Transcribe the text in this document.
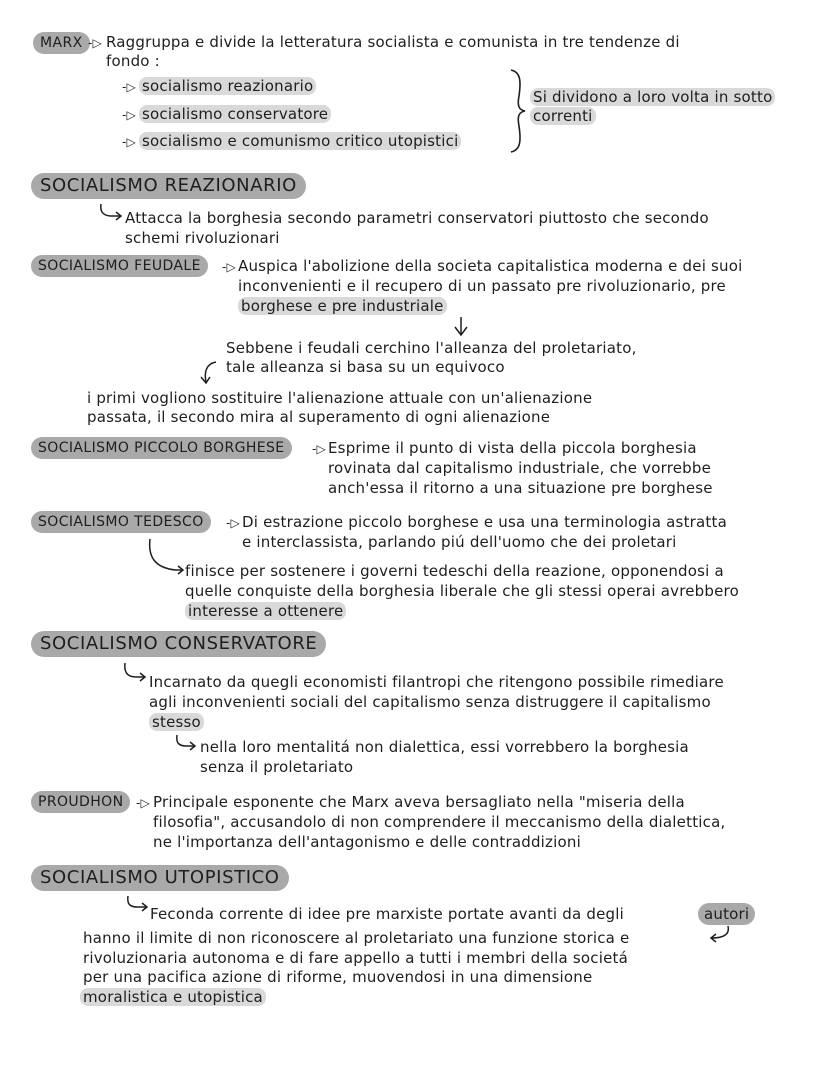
MARX -▷ Raggruppa e divide la letteratura socialista e comunista in tre tendenze di
fondo :
-▷ socialismo reazionario
-▷ socialismo conservatore
-▷ socialismo e comunismo critico utopistici
Si dividono a loro volta in sotto
correnti
SOCIALISMO REAZIONARIO
Attacca la borghesia secondo parametri conservatori piuttosto che secondo
schemi rivoluzionari
SOCIALISMO FEUDALE	-▷ Auspica l'abolizione della societa capitalistica moderna e dei suoi
inconvenienti e il recupero di un passato pre rivoluzionario, pre
borghese e pre industriale
Sebbene i feudali cerchino l'alleanza del proletariato,
tale alleanza si basa su un equivoco
i primi vogliono sostituire l'alienazione attuale con un'alienazione
passata, il secondo mira al superamento di ogni alienazione
SOCIALISMO PICCOLO BORGHESE	-▷ Esprime il punto di vista della piccola borghesia
rovinata dal capitalismo industriale, che vorrebbe
anch'essa il ritorno a una situazione pre borghese
SOCIALISMO TEDESCO	-▷ Di estrazione piccolo borghese e usa una terminologia astratta
e interclassista, parlando piú dell'uomo che dei proletari
finisce per sostenere i governi tedeschi della reazione, opponendosi a
quelle conquiste della borghesia liberale che gli stessi operai avrebbero
interesse a ottenere
SOCIALISMO CONSERVATORE
Incarnato da quegli economisti filantropi che ritengono possibile rimediare
agli inconvenienti sociali del capitalismo senza distruggere il capitalismo
stesso
nella loro mentalitá non dialettica, essi vorrebbero la borghesia
senza il proletariato
PROUDHON	-▷ Principale esponente che Marx aveva bersagliato nella "miseria della
filosofia", accusandolo di non comprendere il meccanismo della dialettica,
ne l'importanza dell'antagonismo e delle contraddizioni
SOCIALISMO UTOPISTICO
Feconda corrente di idee pre marxiste portate avanti da degli	autori
hanno il limite di non riconoscere al proletariato una funzione storica e
rivoluzionaria autonoma e di fare appello a tutti i membri della societá
per una pacifica azione di riforme, muovendosi in una dimensione
moralistica e utopistica
